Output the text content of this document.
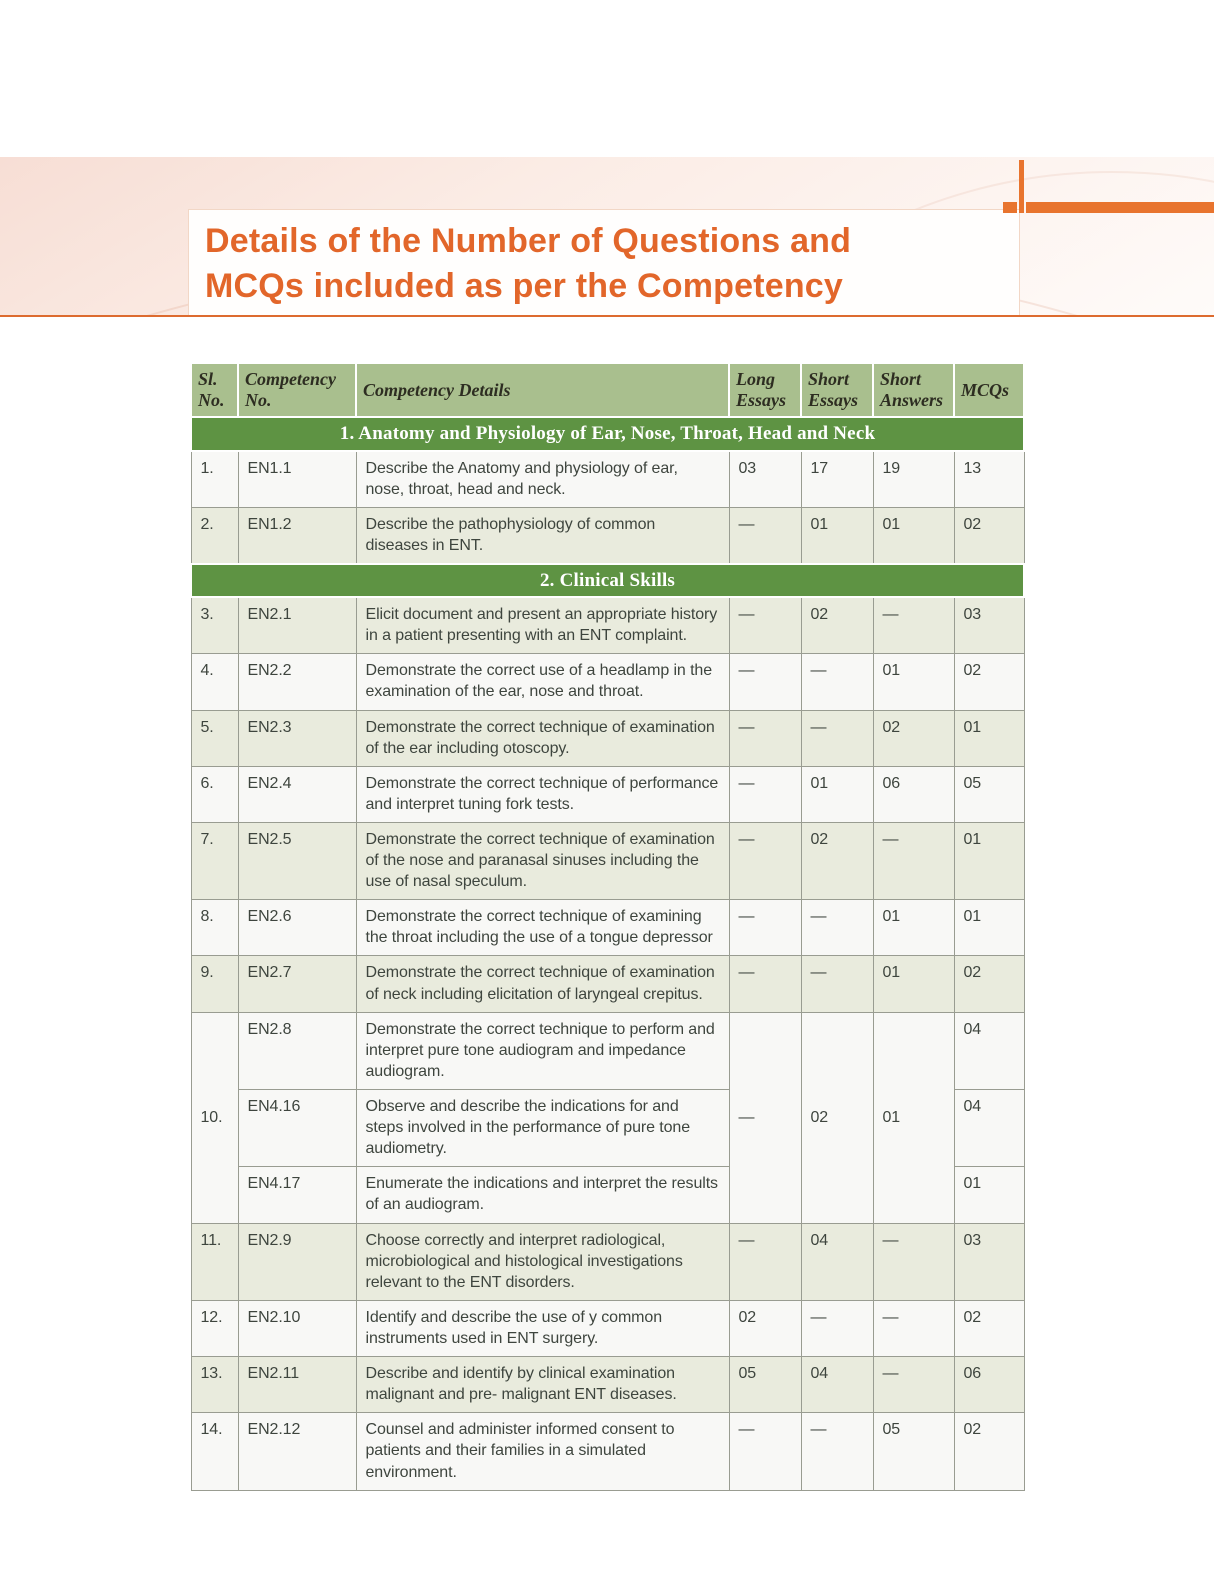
Details of the Number of Questions and
MCQs included as per the Competency
Sl. No.	Competency No.	Competency Details	Long Essays	Short Essays	Short Answers	MCQs
1. Anatomy and Physiology of Ear, Nose, Throat, Head and Neck						
1.	EN1.1	Describe the Anatomy and physiology of ear, nose, throat, head and neck.	03	17	19	13
2.	EN1.2	Describe the pathophysiology of common diseases in ENT.	—	01	01	02
2. Clinical Skills						
3.	EN2.1	Elicit document and present an appropriate history in a patient presenting with an ENT complaint.	—	02	—	03
4.	EN2.2	Demonstrate the correct use of a headlamp in the examination of the ear, nose and throat.	—	—	01	02
5.	EN2.3	Demonstrate the correct technique of examination of the ear including otoscopy.	—	—	02	01
6.	EN2.4	Demonstrate the correct technique of performance and interpret tuning fork tests.	—	01	06	05
7.	EN2.5	Demonstrate the correct technique of examination of the nose and paranasal sinuses including the use of nasal speculum.	—	02	—	01
8.	EN2.6	Demonstrate the correct technique of examining the throat including the use of a tongue depressor	—	—	01	01
9.	EN2.7	Demonstrate the correct technique of examination of neck including elicitation of laryngeal crepitus.	—	—	01	02
10.	EN2.8	Demonstrate the correct technique to perform and interpret pure tone audiogram and impedance audiogram.	—	02	01	04
	EN4.16	Observe and describe the indications for and steps involved in the performance of pure tone audiometry.				04
	EN4.17	Enumerate the indications and interpret the results of an audiogram.				01
11.	EN2.9	Choose correctly and interpret radiological, microbiological and histological investigations relevant to the ENT disorders.	—	04	—	03
12.	EN2.10	Identify and describe the use of y common instruments used in ENT surgery.	02	—	—	02
13.	EN2.11	Describe and identify by clinical examination malignant and pre- malignant ENT diseases.	05	04	—	06
14.	EN2.12	Counsel and administer informed consent to patients and their families in a simulated environment.	—	—	05	02
